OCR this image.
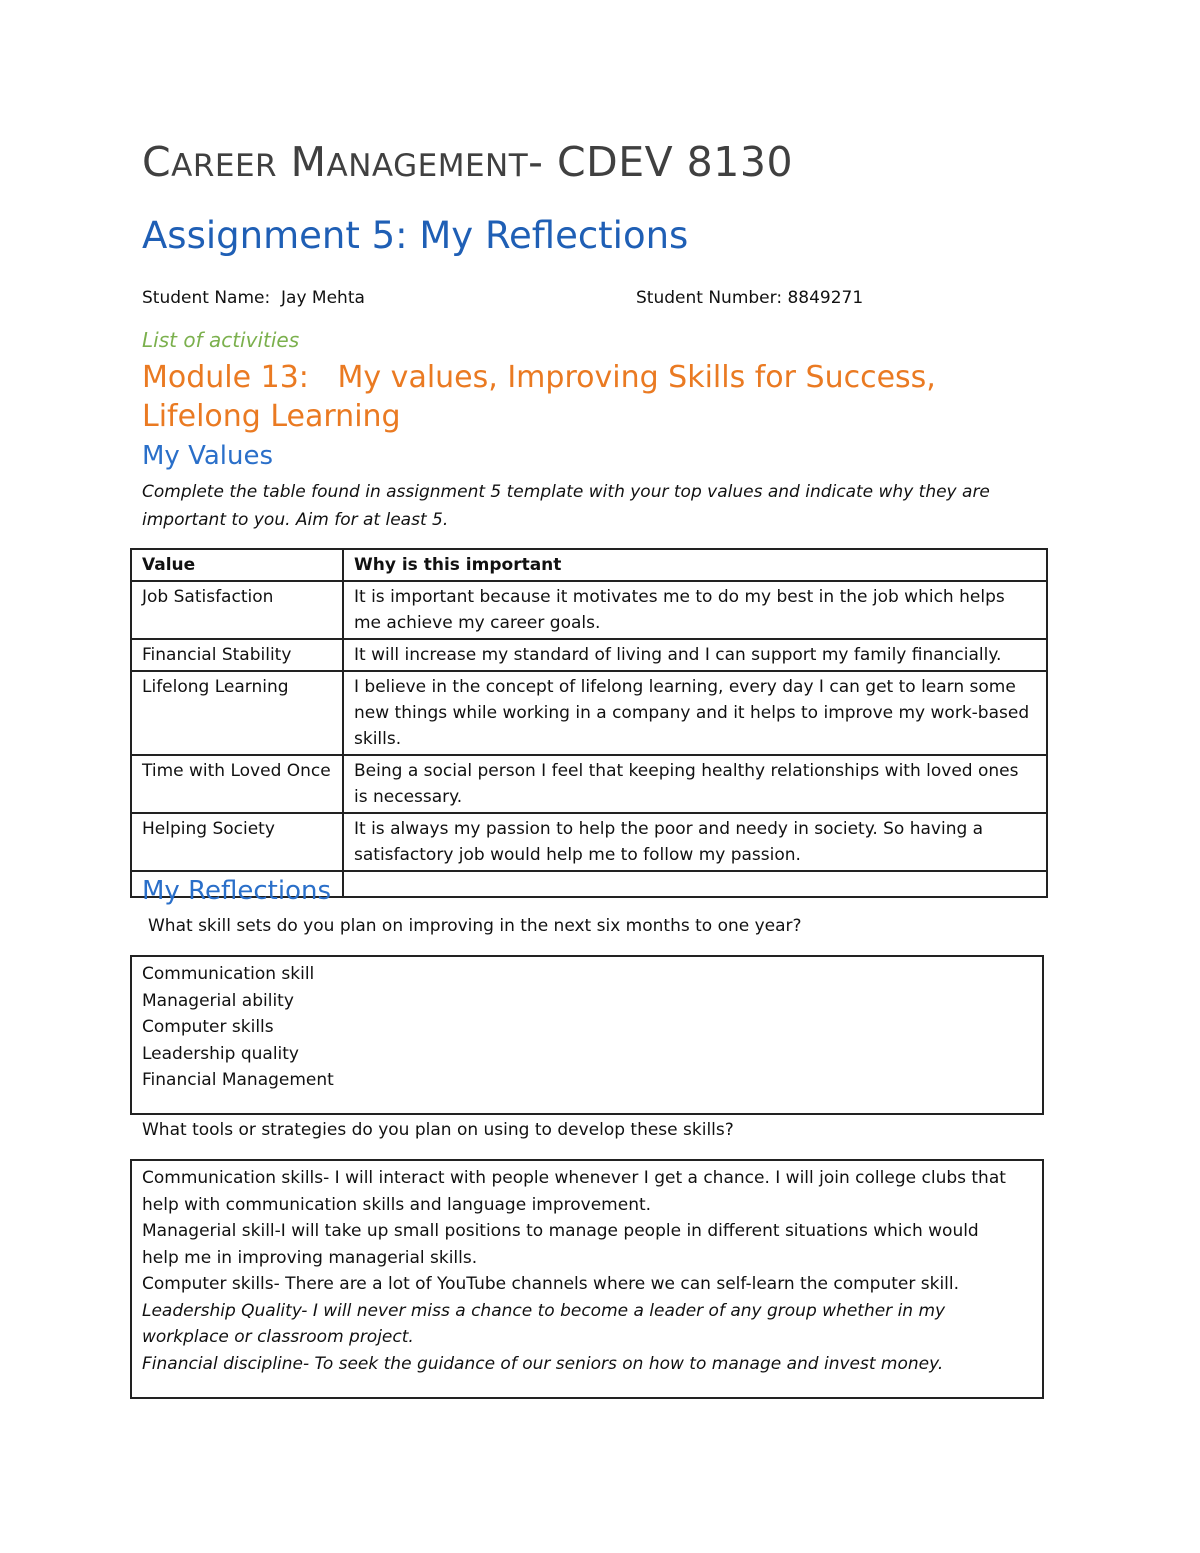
CAREER MANAGEMENT- CDEV 8130
Assignment 5: My Reflections
Student Name: Jay Mehta	Student Number: 8849271
List of activities
Module 13:   My values, Improving Skills for Success,
Lifelong Learning
My Values
Complete the table found in assignment 5 template with your top values and indicate why they are
important to you. Aim for at least 5.
Value	Why is this important
Job Satisfaction	It is important because it motivates me to do my best in the job which helps me achieve my career goals.
Financial Stability	It will increase my standard of living and I can support my family financially.
Lifelong Learning	I believe in the concept of lifelong learning, every day I can get to learn some new things while working in a company and it helps to improve my work-based skills.
Time with Loved Once	Being a social person I feel that keeping healthy relationships with loved ones is necessary.
Helping Society	It is always my passion to help the poor and needy in society. So having a satisfactory job would help me to follow my passion.

My Reflections
What skill sets do you plan on improving in the next six months to one year?
Communication skill
Managerial ability
Computer skills
Leadership quality
Financial Management
What tools or strategies do you plan on using to develop these skills?
Communication skills- I will interact with people whenever I get a chance. I will join college clubs that
help with communication skills and language improvement.
Managerial skill-I will take up small positions to manage people in different situations which would
help me in improving managerial skills.
Computer skills- There are a lot of YouTube channels where we can self-learn the computer skill.
Leadership Quality- I will never miss a chance to become a leader of any group whether in my
workplace or classroom project.
Financial discipline- To seek the guidance of our seniors on how to manage and invest money.
